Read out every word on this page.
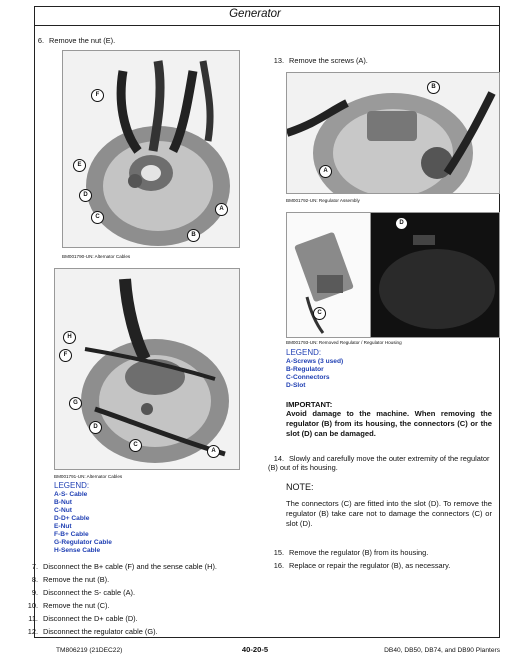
Generator
6. Remove the nut (E).
F
E
D
C
A
B
BM001790-UN: Alternator Cables
H
F
G
D
C
A
BM001791-UN: Alternator Cables
LEGEND:
A-S- Cable
B-Nut
C-Nut
D-D+ Cable
E-Nut
F-B+ Cable
G-Regulator Cable
H-Sense Cable
7. Disconnect the B+ cable (F) and the sense cable (H).
8. Remove the nut (B).
9. Disconnect the S- cable (A).
10. Remove the nut (C).
11. Disconnect the D+ cable (D).
12. Disconnect the regulator cable (G).
13. Remove the screws (A).
B
A
BM001792-UN: Regulator Assembly
C
D
BM001793-UN: Removed Regulator / Regulator Housing
LEGEND:
A-Screws (3 used)
B-Regulator
C-Connectors
D-Slot
IMPORTANT:
Avoid damage to the machine. When removing the regulator (B) from its housing, the connectors (C) or the slot (D) can be damaged.
14. Slowly and carefully move the outer extremity of the regulator (B) out of its housing.
NOTE:
The connectors (C) are fitted into the slot (D). To remove the regulator (B) take care not to damage the connectors (C) or slot (D).
15. Remove the regulator (B) from its housing.
16. Replace or repair the regulator (B), as necessary.
TM806219 (21DEC22)	40-20-5	DB40, DB50, DB74, and DB90 Planters
